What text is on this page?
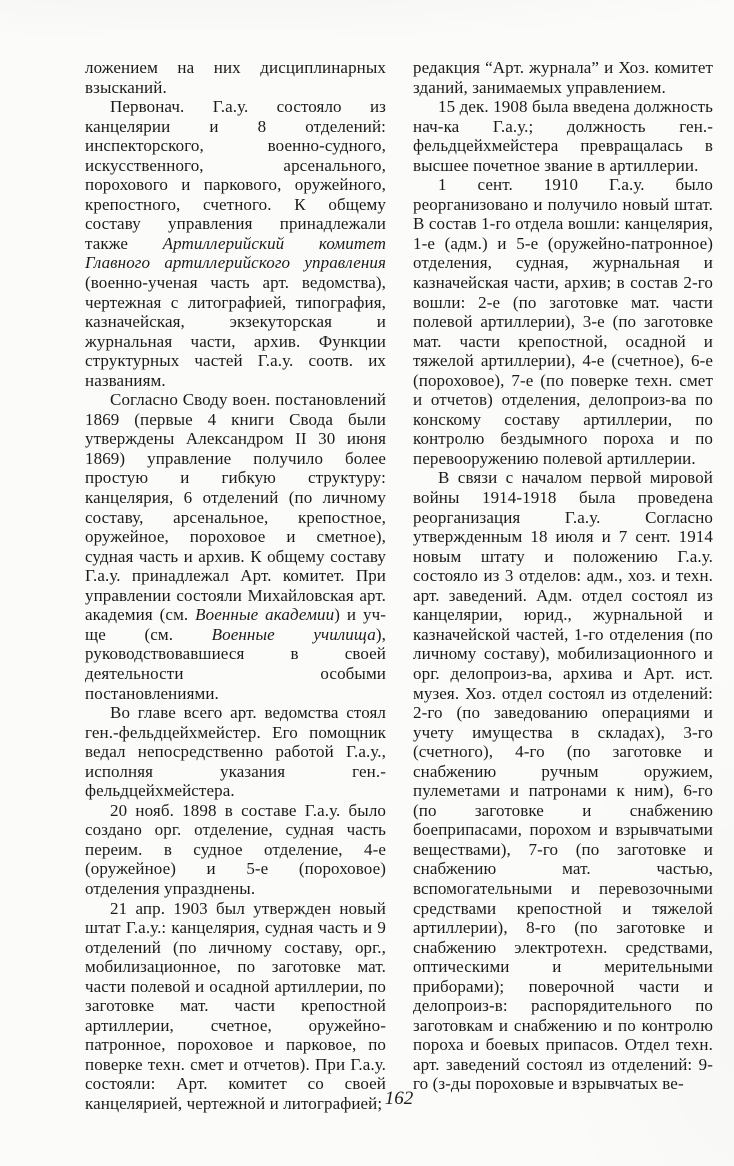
ложением на них дисциплинарных взысканий.

Первонач. Г.а.у. состояло из канцелярии и 8 отделений: инспекторского, военно-судного, искусственного, арсенального, порохового и паркового, оружейного, крепостного, счетного. К общему составу управления принадлежали также Артиллерийский комитет Главного артиллерийского управления (военно-ученая часть арт. ведомства), чертежная с литографией, типография, казначейская, экзекуторская и журнальная части, архив. Функции структурных частей Г.а.у. соотв. их названиям.

Согласно Своду воен. постановлений 1869 (первые 4 книги Свода были утверждены Александром II 30 июня 1869) управление получило более простую и гибкую структуру: канцелярия, 6 отделений (по личному составу, арсенальное, крепостное, оружейное, пороховое и сметное), судная часть и архив. К общему составу Г.а.у. принадлежал Арт. комитет. При управлении состояли Михайловская арт. академия (см. Военные академии) и уч-ще (см. Военные училища), руководствовавшиеся в своей деятельности особыми постановлениями.

Во главе всего арт. ведомства стоял ген.-фельдцейхмейстер. Его помощник ведал непосредственно работой Г.а.у., исполняя указания ген.-фельдцейхмейстера.

20 нояб. 1898 в составе Г.а.у. было создано орг. отделение, судная часть переим. в судное отделение, 4-е (оружейное) и 5-е (пороховое) отделения упразднены.

21 апр. 1903 был утвержден новый штат Г.а.у.: канцелярия, судная часть и 9 отделений (по личному составу, орг., мобилизационное, по заготовке мат. части полевой и осадной артиллерии, по заготовке мат. части крепостной артиллерии, счетное, оружейно-патронное, пороховое и парковое, по поверке техн. смет и отчетов). При Г.а.у. состояли: Арт. комитет со своей канцелярией, чертежной и литографией;

редакция “Арт. журнала” и Хоз. комитет зданий, занимаемых управлением.

15 дек. 1908 была введена должность нач-ка Г.а.у.; должность ген.-фельдцейхмейстера превращалась в высшее почетное звание в артиллерии.

1 сент. 1910 Г.а.у. было реорганизовано и получило новый штат. В состав 1-го отдела вошли: канцелярия, 1-е (адм.) и 5-е (оружейно-патронное) отделения, судная, журнальная и казначейская части, архив; в состав 2-го вошли: 2-е (по заготовке мат. части полевой артиллерии), 3-е (по заготовке мат. части крепостной, осадной и тяжелой артиллерии), 4-е (счетное), 6-е (пороховое), 7-е (по поверке техн. смет и отчетов) отделения, делопроиз-ва по конскому составу артиллерии, по контролю бездымного пороха и по перевооружению полевой артиллерии.

В связи с началом первой мировой войны 1914-1918 была проведена реорганизация Г.а.у. Согласно утвержденным 18 июля и 7 сент. 1914 новым штату и положению Г.а.у. состояло из 3 отделов: адм., хоз. и техн. арт. заведений. Адм. отдел состоял из канцелярии, юрид., журнальной и казначейской частей, 1-го отделения (по личному составу), мобилизационного и орг. делопроиз-ва, архива и Арт. ист. музея. Хоз. отдел состоял из отделений: 2-го (по заведованию операциями и учету имущества в складах), 3-го (счетного), 4-го (по заготовке и снабжению ручным оружием, пулеметами и патронами к ним), 6-го (по заготовке и снабжению боеприпасами, порохом и взрывчатыми веществами), 7-го (по заготовке и снабжению мат. частью, вспомогательными и перевозочными средствами крепостной и тяжелой артиллерии), 8-го (по заготовке и снабжению электротехн. средствами, оптическими и мерительными приборами); поверочной части и делопроиз-в: распорядительного по заготовкам и снабжению и по контролю пороха и боевых припасов. Отдел техн. арт. заведений состоял из отделений: 9-го (з-ды пороховые и взрывчатых ве-

162
